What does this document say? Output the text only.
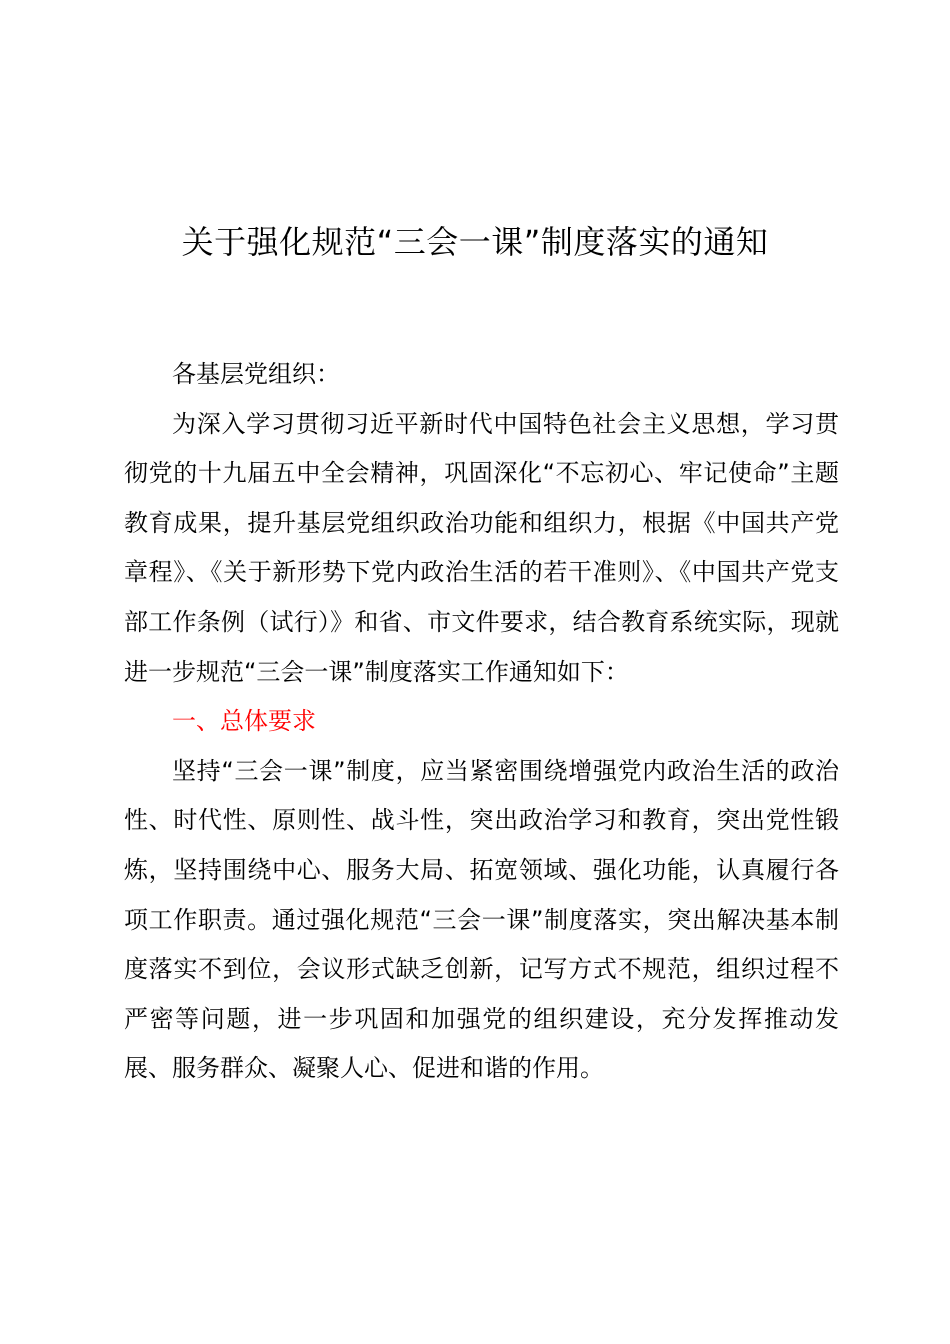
关于强化规范“三会一课”制度落实的通知

各基层党组织：

为深入学习贯彻习近平新时代中国特色社会主义思想，学习贯彻党的十九届五中全会精神，巩固深化“不忘初心、牢记使命”主题教育成果，提升基层党组织政治功能和组织力，根据《中国共产党章程》、《关于新形势下党内政治生活的若干准则》、《中国共产党支部工作条例（试行）》和省、市文件要求，结合教育系统实际，现就进一步规范“三会一课”制度落实工作通知如下：

一、总体要求

坚持“三会一课”制度，应当紧密围绕增强党内政治生活的政治性、时代性、原则性、战斗性，突出政治学习和教育，突出党性锻炼，坚持围绕中心、服务大局、拓宽领域、强化功能，认真履行各项工作职责。通过强化规范“三会一课”制度落实，突出解决基本制度落实不到位，会议形式缺乏创新，记写方式不规范，组织过程不严密等问题，进一步巩固和加强党的组织建设，充分发挥推动发展、服务群众、凝聚人心、促进和谐的作用。
